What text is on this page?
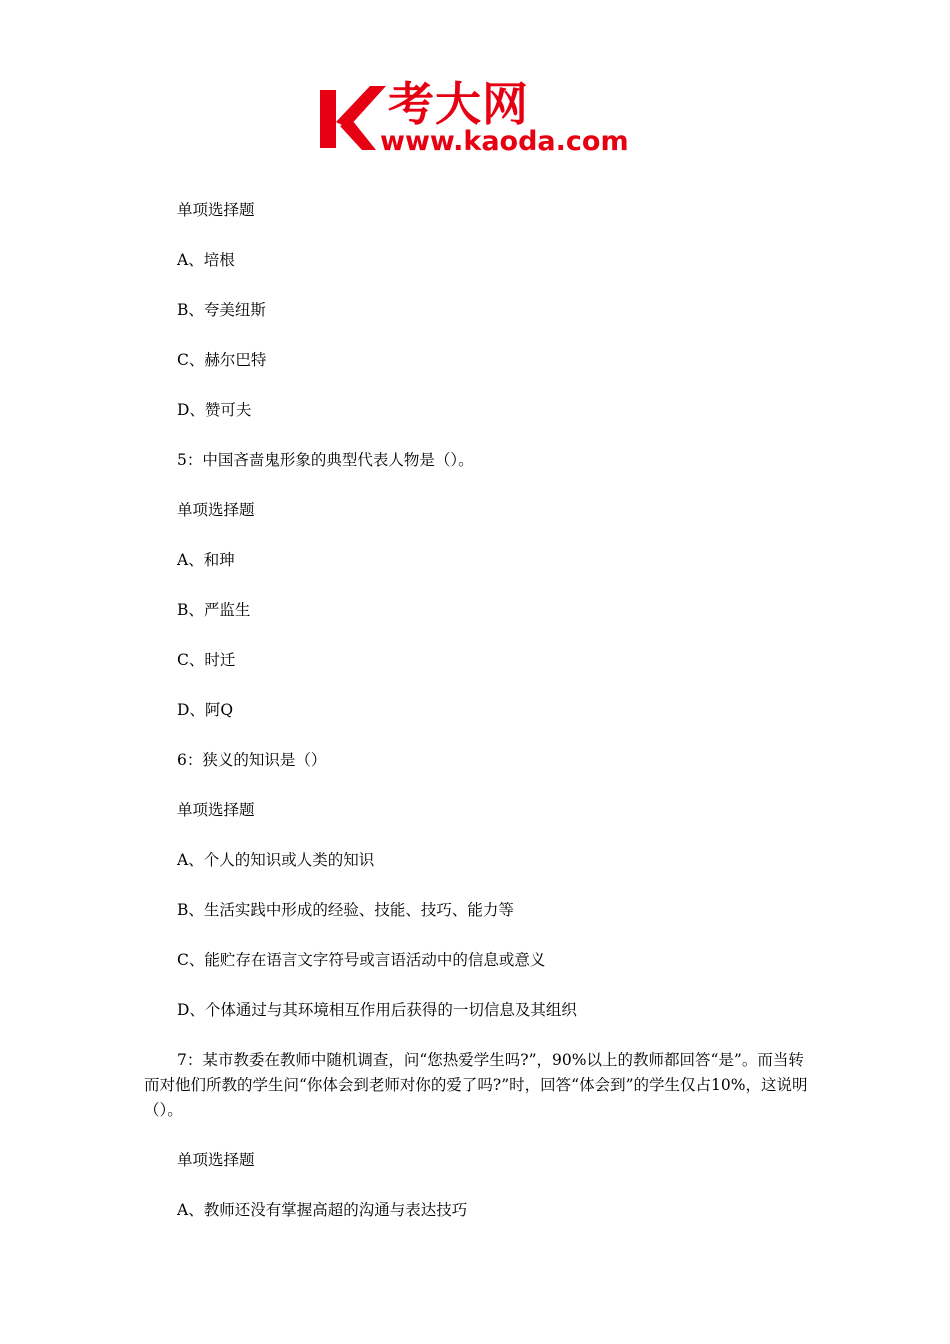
考大网
www.kaoda.com

单项选择题

A、培根

B、夸美纽斯

C、赫尔巴特

D、赞可夫

5：中国吝啬鬼形象的典型代表人物是（）。

单项选择题

A、和珅

B、严监生

C、时迁

D、阿Q

6：狭义的知识是（）

单项选择题

A、个人的知识或人类的知识

B、生活实践中形成的经验、技能、技巧、能力等

C、能贮存在语言文字符号或言语活动中的信息或意义

D、个体通过与其环境相互作用后获得的一切信息及其组织

7：某市教委在教师中随机调查，问“您热爱学生吗?”，90%以上的教师都回答“是”。而当转而对他们所教的学生问“你体会到老师对你的爱了吗?”时，回答“体会到”的学生仅占10%，这说明（）。

单项选择题

A、教师还没有掌握高超的沟通与表达技巧
